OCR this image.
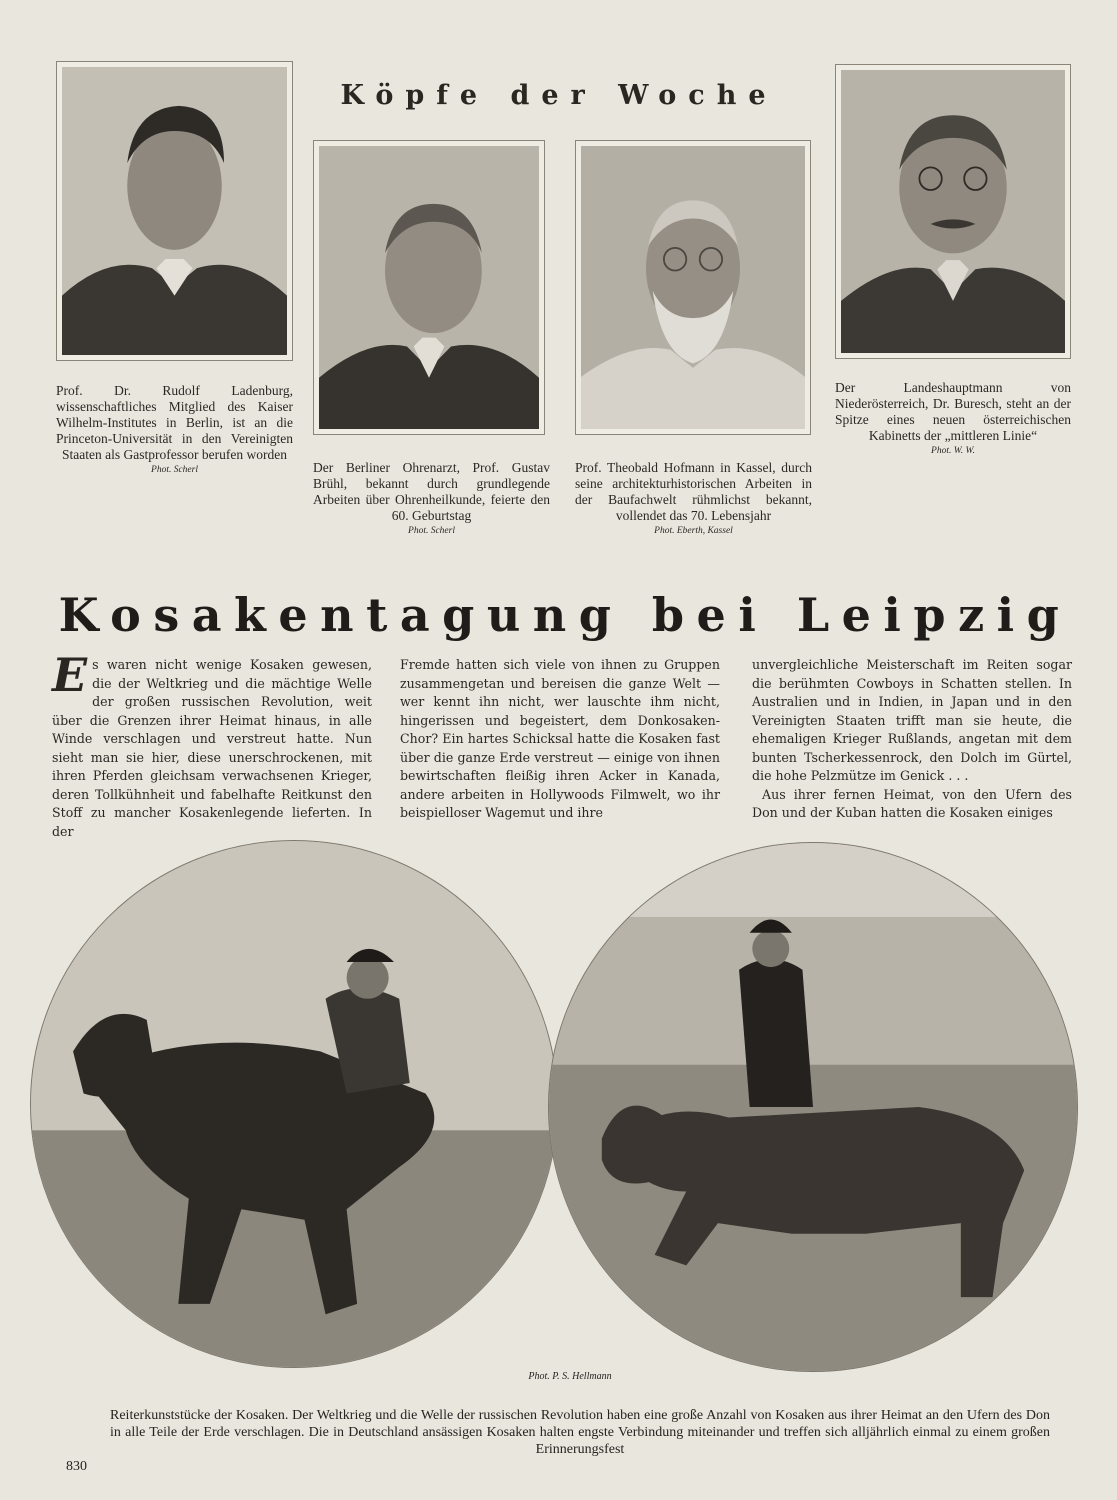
Köpfe der Woche
Prof. Dr. Rudolf Ladenburg, wissenschaftliches Mitglied des Kaiser Wilhelm-Institutes in Berlin, ist an die Princeton-Universität in den Vereinigten Staaten als Gastprofessor berufen worden
Phot. Scherl	Der Berliner Ohrenarzt, Prof. Gustav Brühl, bekannt durch grundlegende Arbeiten über Ohrenheilkunde, feierte den 60. Geburtstag
Phot. Scherl
Prof. Theobald Hofmann in Kassel, durch seine architekturhistorischen Arbeiten in der Baufachwelt rühmlichst bekannt, vollendet das 70. Lebensjahr
Phot. Eberth, Kassel
Der Landeshauptmann von Niederösterreich, Dr. Buresch, steht an der Spitze eines neuen österreichischen Kabinetts der „mittleren Linie“
Phot. W. W.
Kosakentagung bei Leipzig
Es waren nicht wenige Kosaken gewesen, die der Weltkrieg und die mächtige Welle der großen russischen Revolution, weit über die Grenzen ihrer Heimat hinaus, in alle Winde verschlagen und verstreut hatte. Nun sieht man sie hier, diese unerschrockenen, mit ihren Pferden gleichsam verwachsenen Krieger, deren Tollkühnheit und fabelhafte Reitkunst den Stoff zu mancher Kosakenlegende lieferten. In der
Fremde hatten sich viele von ihnen zu Gruppen zusammengetan und bereisen die ganze Welt — wer kennt ihn nicht, wer lauschte ihm nicht, hingerissen und begeistert, dem Donkosaken-Chor? Ein hartes Schicksal hatte die Kosaken fast über die ganze Erde verstreut — einige von ihnen bewirtschaften fleißig ihren Acker in Kanada, andere arbeiten in Hollywoods Filmwelt, wo ihr beispielloser Wagemut und ihre
unvergleichliche Meisterschaft im Reiten sogar die berühmten Cowboys in Schatten stellen. In Australien und in Indien, in Japan und in den Vereinigten Staaten trifft man sie heute, die ehemaligen Krieger Rußlands, angetan mit dem bunten Tscherkessenrock, den Dolch im Gürtel, die hohe Pelzmütze im Genick . . .
Aus ihrer fernen Heimat, von den Ufern des Don und der Kuban hatten die Kosaken einiges
Phot. P. S. Hellmann
Reiterkunststücke der Kosaken. Der Weltkrieg und die Welle der russischen Revolution haben eine große Anzahl von Kosaken aus ihrer Heimat an den Ufern des Don in alle Teile der Erde verschlagen. Die in Deutschland ansässigen Kosaken halten engste Verbindung miteinander und treffen sich alljährlich einmal zu einem großen Erinnerungsfest
830
